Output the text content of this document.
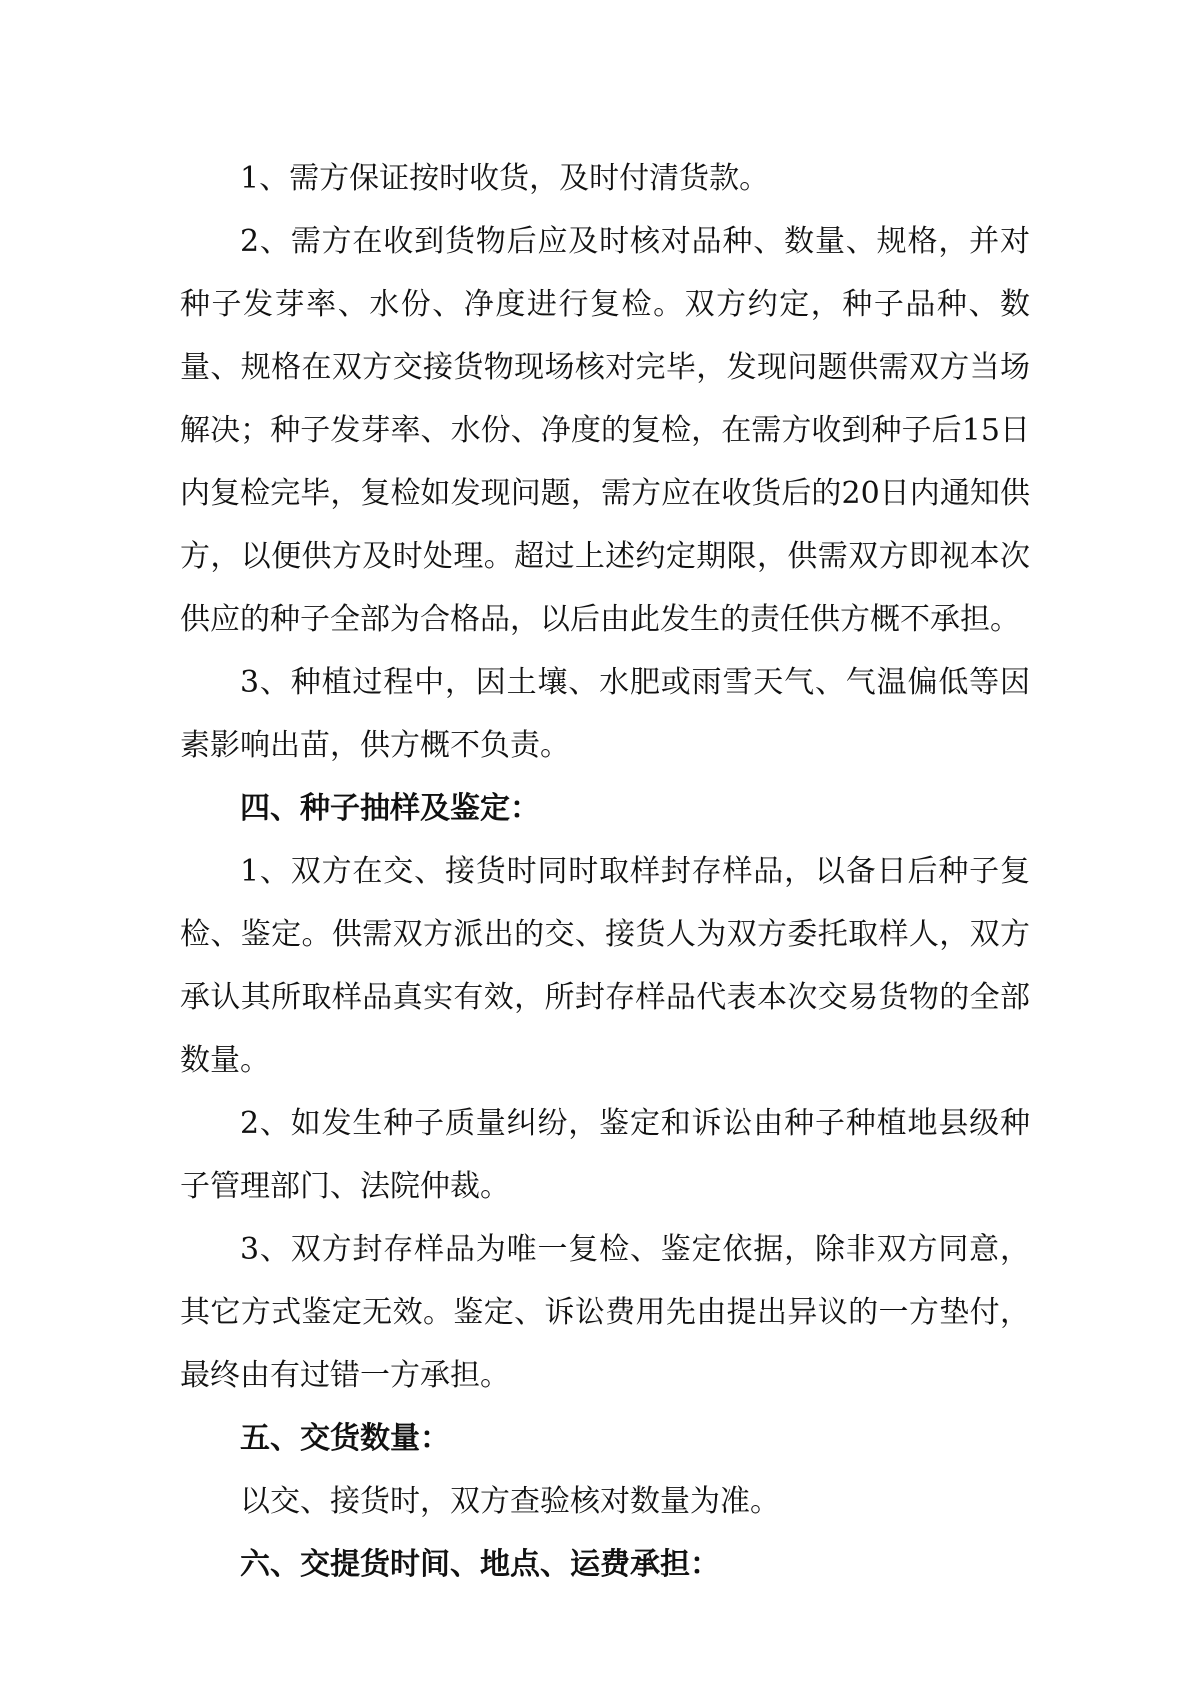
1、需方保证按时收货，及时付清货款。

2、需方在收到货物后应及时核对品种、数量、规格，并对种子发芽率、水份、净度进行复检。双方约定，种子品种、数量、规格在双方交接货物现场核对完毕，发现问题供需双方当场解决；种子发芽率、水份、净度的复检，在需方收到种子后15日内复检完毕，复检如发现问题，需方应在收货后的20日内通知供方，以便供方及时处理。超过上述约定期限，供需双方即视本次供应的种子全部为合格品，以后由此发生的责任供方概不承担。

3、种植过程中，因土壤、水肥或雨雪天气、气温偏低等因素影响出苗，供方概不负责。

四、种子抽样及鉴定：

1、双方在交、接货时同时取样封存样品，以备日后种子复检、鉴定。供需双方派出的交、接货人为双方委托取样人，双方承认其所取样品真实有效，所封存样品代表本次交易货物的全部数量。

2、如发生种子质量纠纷，鉴定和诉讼由种子种植地县级种子管理部门、法院仲裁。

3、双方封存样品为唯一复检、鉴定依据，除非双方同意，其它方式鉴定无效。鉴定、诉讼费用先由提出异议的一方垫付，最终由有过错一方承担。

五、交货数量：

以交、接货时，双方查验核对数量为准。

六、交提货时间、地点、运费承担：
